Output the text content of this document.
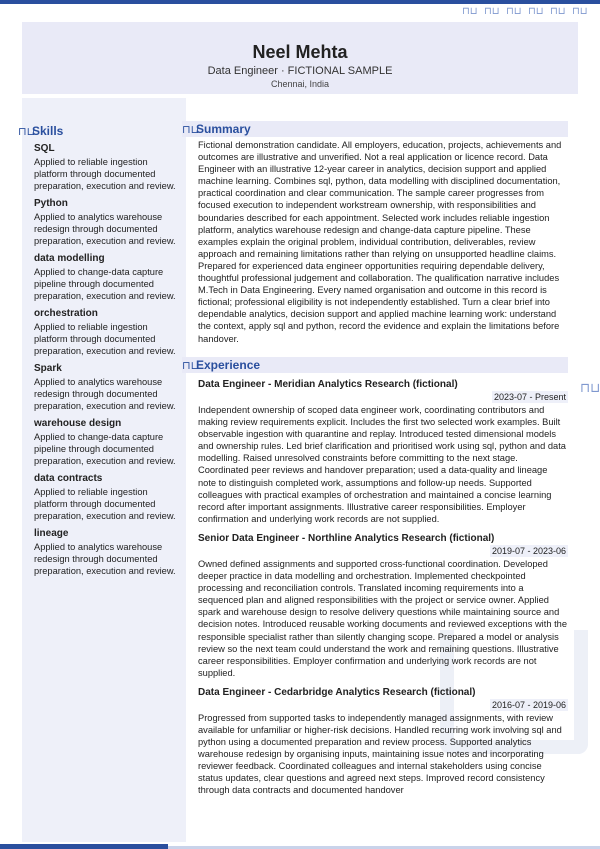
⊓⊔ ⊓⊔ ⊓⊔ ⊓⊔ ⊓⊔ ⊓⊔
⊓⊔
Neel Mehta
Data Engineer · FICTIONAL SAMPLE
Chennai, India
⊓⊔
Skills
SQL
Applied to reliable ingestion platform through documented preparation, execution and review.
Python
Applied to analytics warehouse redesign through documented preparation, execution and review.
data modelling
Applied to change-data capture pipeline through documented preparation, execution and review.
orchestration
Applied to reliable ingestion platform through documented preparation, execution and review.
Spark
Applied to analytics warehouse redesign through documented preparation, execution and review.
warehouse design
Applied to change-data capture pipeline through documented preparation, execution and review.
data contracts
Applied to reliable ingestion platform through documented preparation, execution and review.
lineage
Applied to analytics warehouse redesign through documented preparation, execution and review.
⊓⊔
Summary
Fictional demonstration candidate. All employers, education, projects, achievements and outcomes are illustrative and unverified. Not a real application or licence record. Data Engineer with an illustrative 12-year career in analytics, decision support and applied machine learning. Combines sql, python, data modelling with disciplined documentation, practical coordination and clear communication. The sample career progresses from focused execution to independent workstream ownership, with responsibilities and boundaries described for each appointment. Selected work includes reliable ingestion platform, analytics warehouse redesign and change-data capture pipeline. These examples explain the original problem, individual contribution, deliverables, review approach and remaining limitations rather than relying on unsupported headline claims. Prepared for experienced data engineer opportunities requiring dependable delivery, thoughtful professional judgement and collaboration. The qualification narrative includes M.Tech in Data Engineering. Every named organisation and outcome in this record is fictional; professional eligibility is not independently established. Turn a clear brief into dependable analytics, decision support and applied machine learning work: understand the context, apply sql and python, record the evidence and explain the limitations before handover.
⊓⊔
Experience
Data Engineer - Meridian Analytics Research (fictional)
2023-07 - Present
Independent ownership of scoped data engineer work, coordinating contributors and making review requirements explicit. Includes the first two selected work examples. Built observable ingestion with quarantine and replay. Introduced tested dimensional models and ownership rules. Led brief clarification and prioritised work using sql, python and data modelling. Raised unresolved constraints before committing to the next stage. Coordinated peer reviews and handover preparation; used a data-quality and lineage note to distinguish completed work, assumptions and follow-up needs. Supported colleagues with practical examples of orchestration and maintained a concise learning record after important assignments. Illustrative career responsibilities. Employer confirmation and underlying work records are not supplied.
Senior Data Engineer - Northline Analytics Research (fictional)
2019-07 - 2023-06
Owned defined assignments and supported cross-functional coordination. Developed deeper practice in data modelling and orchestration. Implemented checkpointed processing and reconciliation controls. Translated incoming requirements into a sequenced plan and aligned responsibilities with the project or service owner. Applied spark and warehouse design to resolve delivery questions while maintaining source and decision notes. Introduced reusable working documents and reviewed exceptions with the responsible specialist rather than silently changing scope. Prepared a model or analysis review so the next team could understand the work and remaining questions. Illustrative career responsibilities. Employer confirmation and underlying work records are not supplied.
Data Engineer - Cedarbridge Analytics Research (fictional)
2016-07 - 2019-06
Progressed from supported tasks to independently managed assignments, with review available for unfamiliar or higher-risk decisions. Handled recurring work involving sql and python using a documented preparation and review process. Supported analytics warehouse redesign by organising inputs, maintaining issue notes and incorporating reviewer feedback. Coordinated colleagues and internal stakeholders using concise status updates, clear questions and agreed next steps. Improved record consistency through data contracts and documented handover
